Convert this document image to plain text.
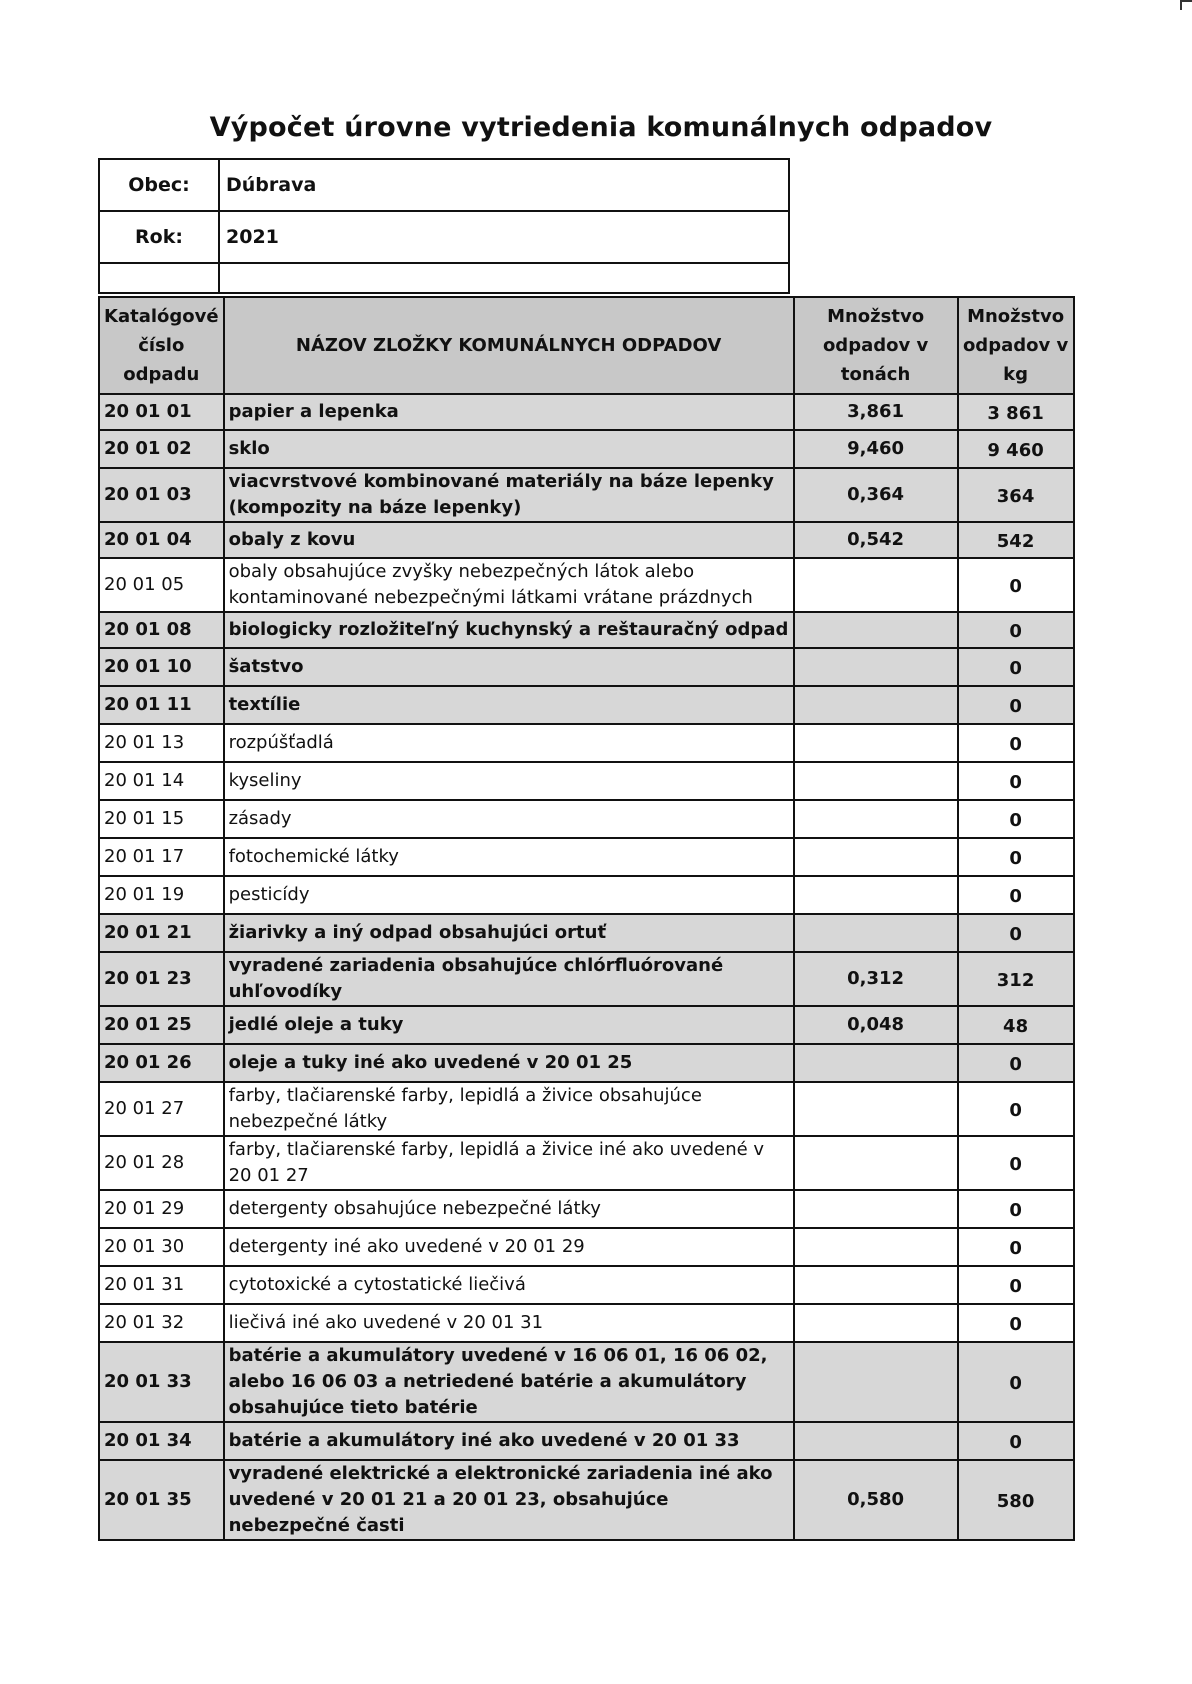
Výpočet úrovne vytriedenia komunálnych odpadov
Obec:	Dúbrava
Rok:	2021

Katalógové číslo odpadu	NÁZOV ZLOŽKY KOMUNÁLNYCH ODPADOV	Množstvo odpadov v tonách	Množstvo odpadov v kg
20 01 01	papier a lepenka	3,861	3 861
20 01 02	sklo	9,460	9 460
20 01 03	viacvrstvové kombinované materiály na báze lepenky (kompozity na báze lepenky)	0,364	364
20 01 04	obaly z kovu	0,542	542
20 01 05	obaly obsahujúce zvyšky nebezpečných látok alebo kontaminované nebezpečnými látkami vrátane prázdnych		0
20 01 08	biologicky rozložiteľný kuchynský a reštauračný odpad		0
20 01 10	šatstvo		0
20 01 11	textílie		0
20 01 13	rozpúšťadlá		0
20 01 14	kyseliny		0
20 01 15	zásady		0
20 01 17	fotochemické látky		0
20 01 19	pesticídy		0
20 01 21	žiarivky a iný odpad obsahujúci ortuť		0
20 01 23	vyradené zariadenia obsahujúce chlórfluórované uhľovodíky	0,312	312
20 01 25	jedlé oleje a tuky	0,048	48
20 01 26	oleje a tuky iné ako uvedené v 20 01 25		0
20 01 27	farby, tlačiarenské farby, lepidlá a živice obsahujúce nebezpečné látky		0
20 01 28	farby, tlačiarenské farby, lepidlá a živice iné ako uvedené v 20 01 27		0
20 01 29	detergenty obsahujúce nebezpečné látky		0
20 01 30	detergenty iné ako uvedené v 20 01 29		0
20 01 31	cytotoxické a cytostatické liečivá		0
20 01 32	liečivá iné ako uvedené v 20 01 31		0
20 01 33	batérie a akumulátory uvedené v 16 06 01, 16 06 02, alebo 16 06 03 a netriedené batérie a akumulátory obsahujúce tieto batérie		0
20 01 34	batérie a akumulátory iné ako uvedené v 20 01 33		0
20 01 35	vyradené elektrické a elektronické zariadenia iné ako uvedené v 20 01 21 a 20 01 23, obsahujúce nebezpečné časti	0,580	580
